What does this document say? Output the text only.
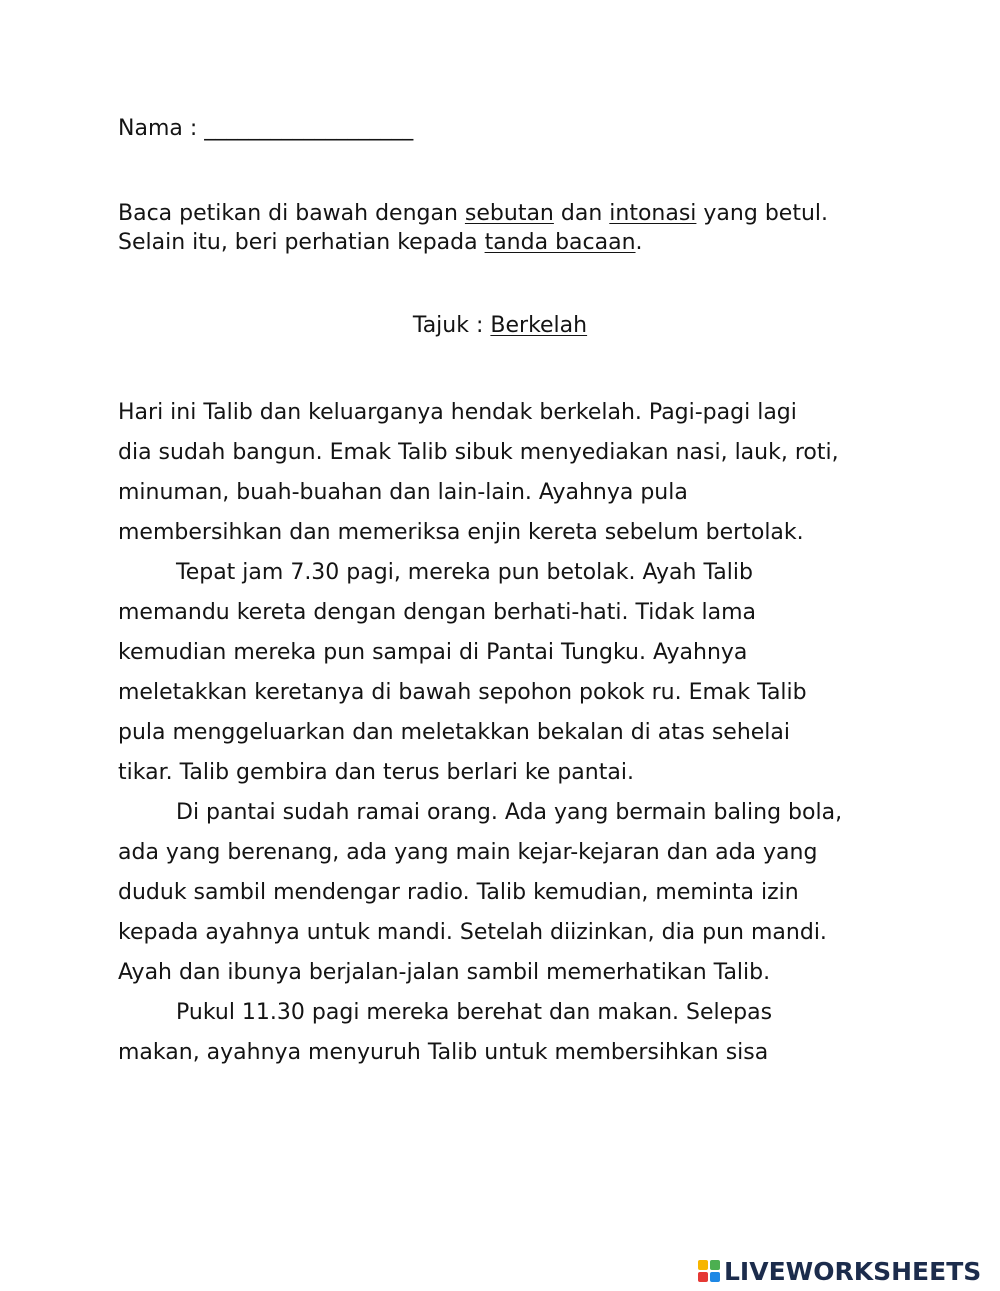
Nama : ___________________
Baca petikan di bawah dengan sebutan dan intonasi yang betul.
Selain itu, beri perhatian kepada tanda bacaan.
Tajuk : Berkelah

Hari ini Talib dan keluarganya hendak berkelah. Pagi-pagi lagi
dia sudah bangun. Emak Talib sibuk menyediakan nasi, lauk, roti,
minuman, buah-buahan dan lain-lain. Ayahnya pula
membersihkan dan memeriksa enjin kereta sebelum bertolak.

Tepat jam 7.30 pagi, mereka pun betolak. Ayah Talib
memandu kereta dengan dengan berhati-hati. Tidak lama
kemudian mereka pun sampai di Pantai Tungku. Ayahnya
meletakkan keretanya di bawah sepohon pokok ru. Emak Talib
pula menggeluarkan dan meletakkan bekalan di atas sehelai
tikar. Talib gembira dan terus berlari ke pantai.

Di pantai sudah ramai orang. Ada yang bermain baling bola,
ada yang berenang, ada yang main kejar-kejaran dan ada yang
duduk sambil mendengar radio. Talib kemudian, meminta izin
kepada ayahnya untuk mandi. Setelah diizinkan, dia pun mandi.
Ayah dan ibunya berjalan-jalan sambil memerhatikan Talib.

Pukul 11.30 pagi mereka berehat dan makan. Selepas
makan, ayahnya menyuruh Talib untuk membersihkan sisa

LIVEWORKSHEETS
